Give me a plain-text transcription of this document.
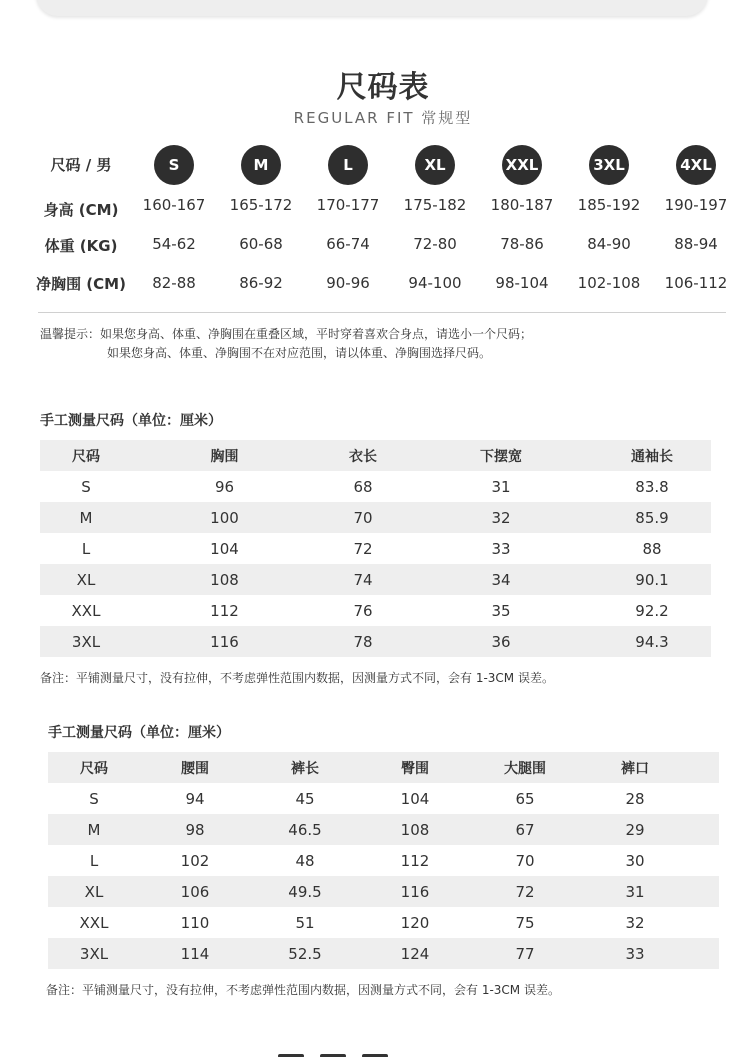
尺码表
REGULAR FIT 常规型
尺码 / 男	S	M	L	XL	XXL	3XL	4XL
身高 (CM)	160-167	165-172	170-177	175-182	180-187	185-192	190-197
体重 (KG)	54-62	60-68	66-74	72-80	78-86	84-90	88-94
净胸围 (CM)	82-88	86-92	90-96	94-100	98-104	102-108	106-112
温馨提示：如果您身高、体重、净胸围在重叠区域，平时穿着喜欢合身点，请选小一个尺码；
如果您身高、体重、净胸围不在对应范围，请以体重、净胸围选择尺码。
手工测量尺码（单位：厘米）
尺码	胸围	衣长	下摆宽	通袖长
S	96	68	31	83.8
M	100	70	32	85.9
L	104	72	33	88
XL	108	74	34	90.1
XXL	112	76	35	92.2
3XL	116	78	36	94.3
备注：平铺测量尺寸，没有拉伸，不考虑弹性范围内数据，因测量方式不同，会有 1-3CM 误差。
手工测量尺码（单位：厘米）
尺码	腰围	裤长	臀围	大腿围	裤口	
S	94	45	104	65	28	
M	98	46.5	108	67	29	
L	102	48	112	70	30	
XL	106	49.5	116	72	31	
XXL	110	51	120	75	32	
3XL	114	52.5	124	77	33	
备注：平铺测量尺寸，没有拉伸，不考虑弹性范围内数据，因测量方式不同，会有 1-3CM 误差。
